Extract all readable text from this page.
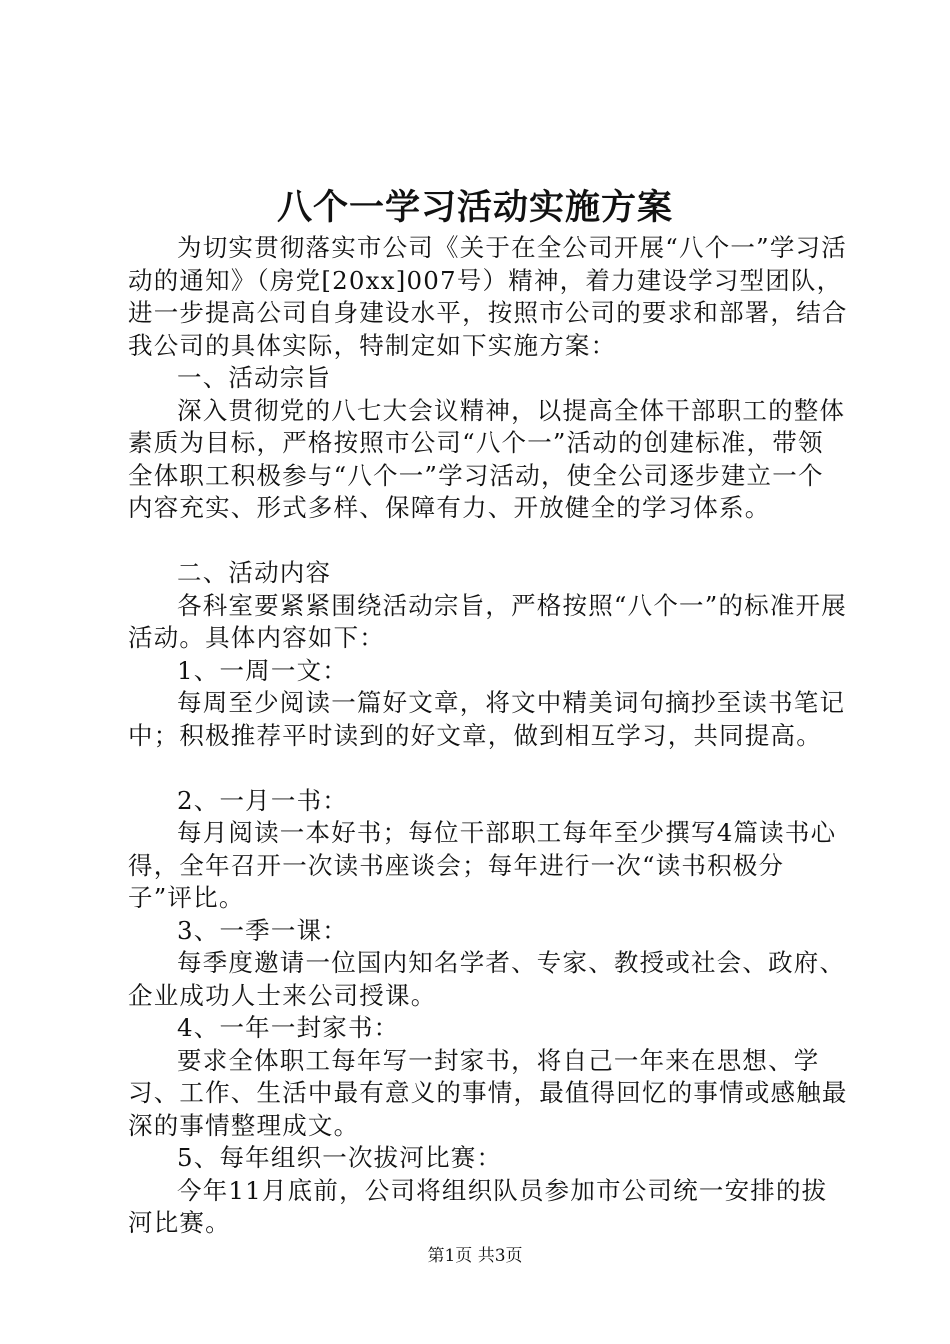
八个一学习活动实施方案

为切实贯彻落实市公司《关于在全公司开展“八个一”学习活动的通知》（房党[20xx]007号）精神，着力建设学习型团队，进一步提高公司自身建设水平，按照市公司的要求和部署，结合我公司的具体实际，特制定如下实施方案：

一、活动宗旨

深入贯彻党的八七大会议精神，以提高全体干部职工的整体素质为目标，严格按照市公司“八个一”活动的创建标准，带领全体职工积极参与“八个一”学习活动，使全公司逐步建立一个内容充实、形式多样、保障有力、开放健全的学习体系。

二、活动内容

各科室要紧紧围绕活动宗旨，严格按照“八个一”的标准开展活动。具体内容如下：

1、一周一文：

每周至少阅读一篇好文章，将文中精美词句摘抄至读书笔记中；积极推荐平时读到的好文章，做到相互学习，共同提高。

2、一月一书：

每月阅读一本好书；每位干部职工每年至少撰写4篇读书心得，全年召开一次读书座谈会；每年进行一次“读书积极分子”评比。

3、一季一课：

每季度邀请一位国内知名学者、专家、教授或社会、政府、企业成功人士来公司授课。

4、一年一封家书：

要求全体职工每年写一封家书，将自己一年来在思想、学习、工作、生活中最有意义的事情，最值得回忆的事情或感触最深的事情整理成文。

5、每年组织一次拔河比赛：

今年11月底前，公司将组织队员参加市公司统一安排的拔河比赛。

第1页 共3页
